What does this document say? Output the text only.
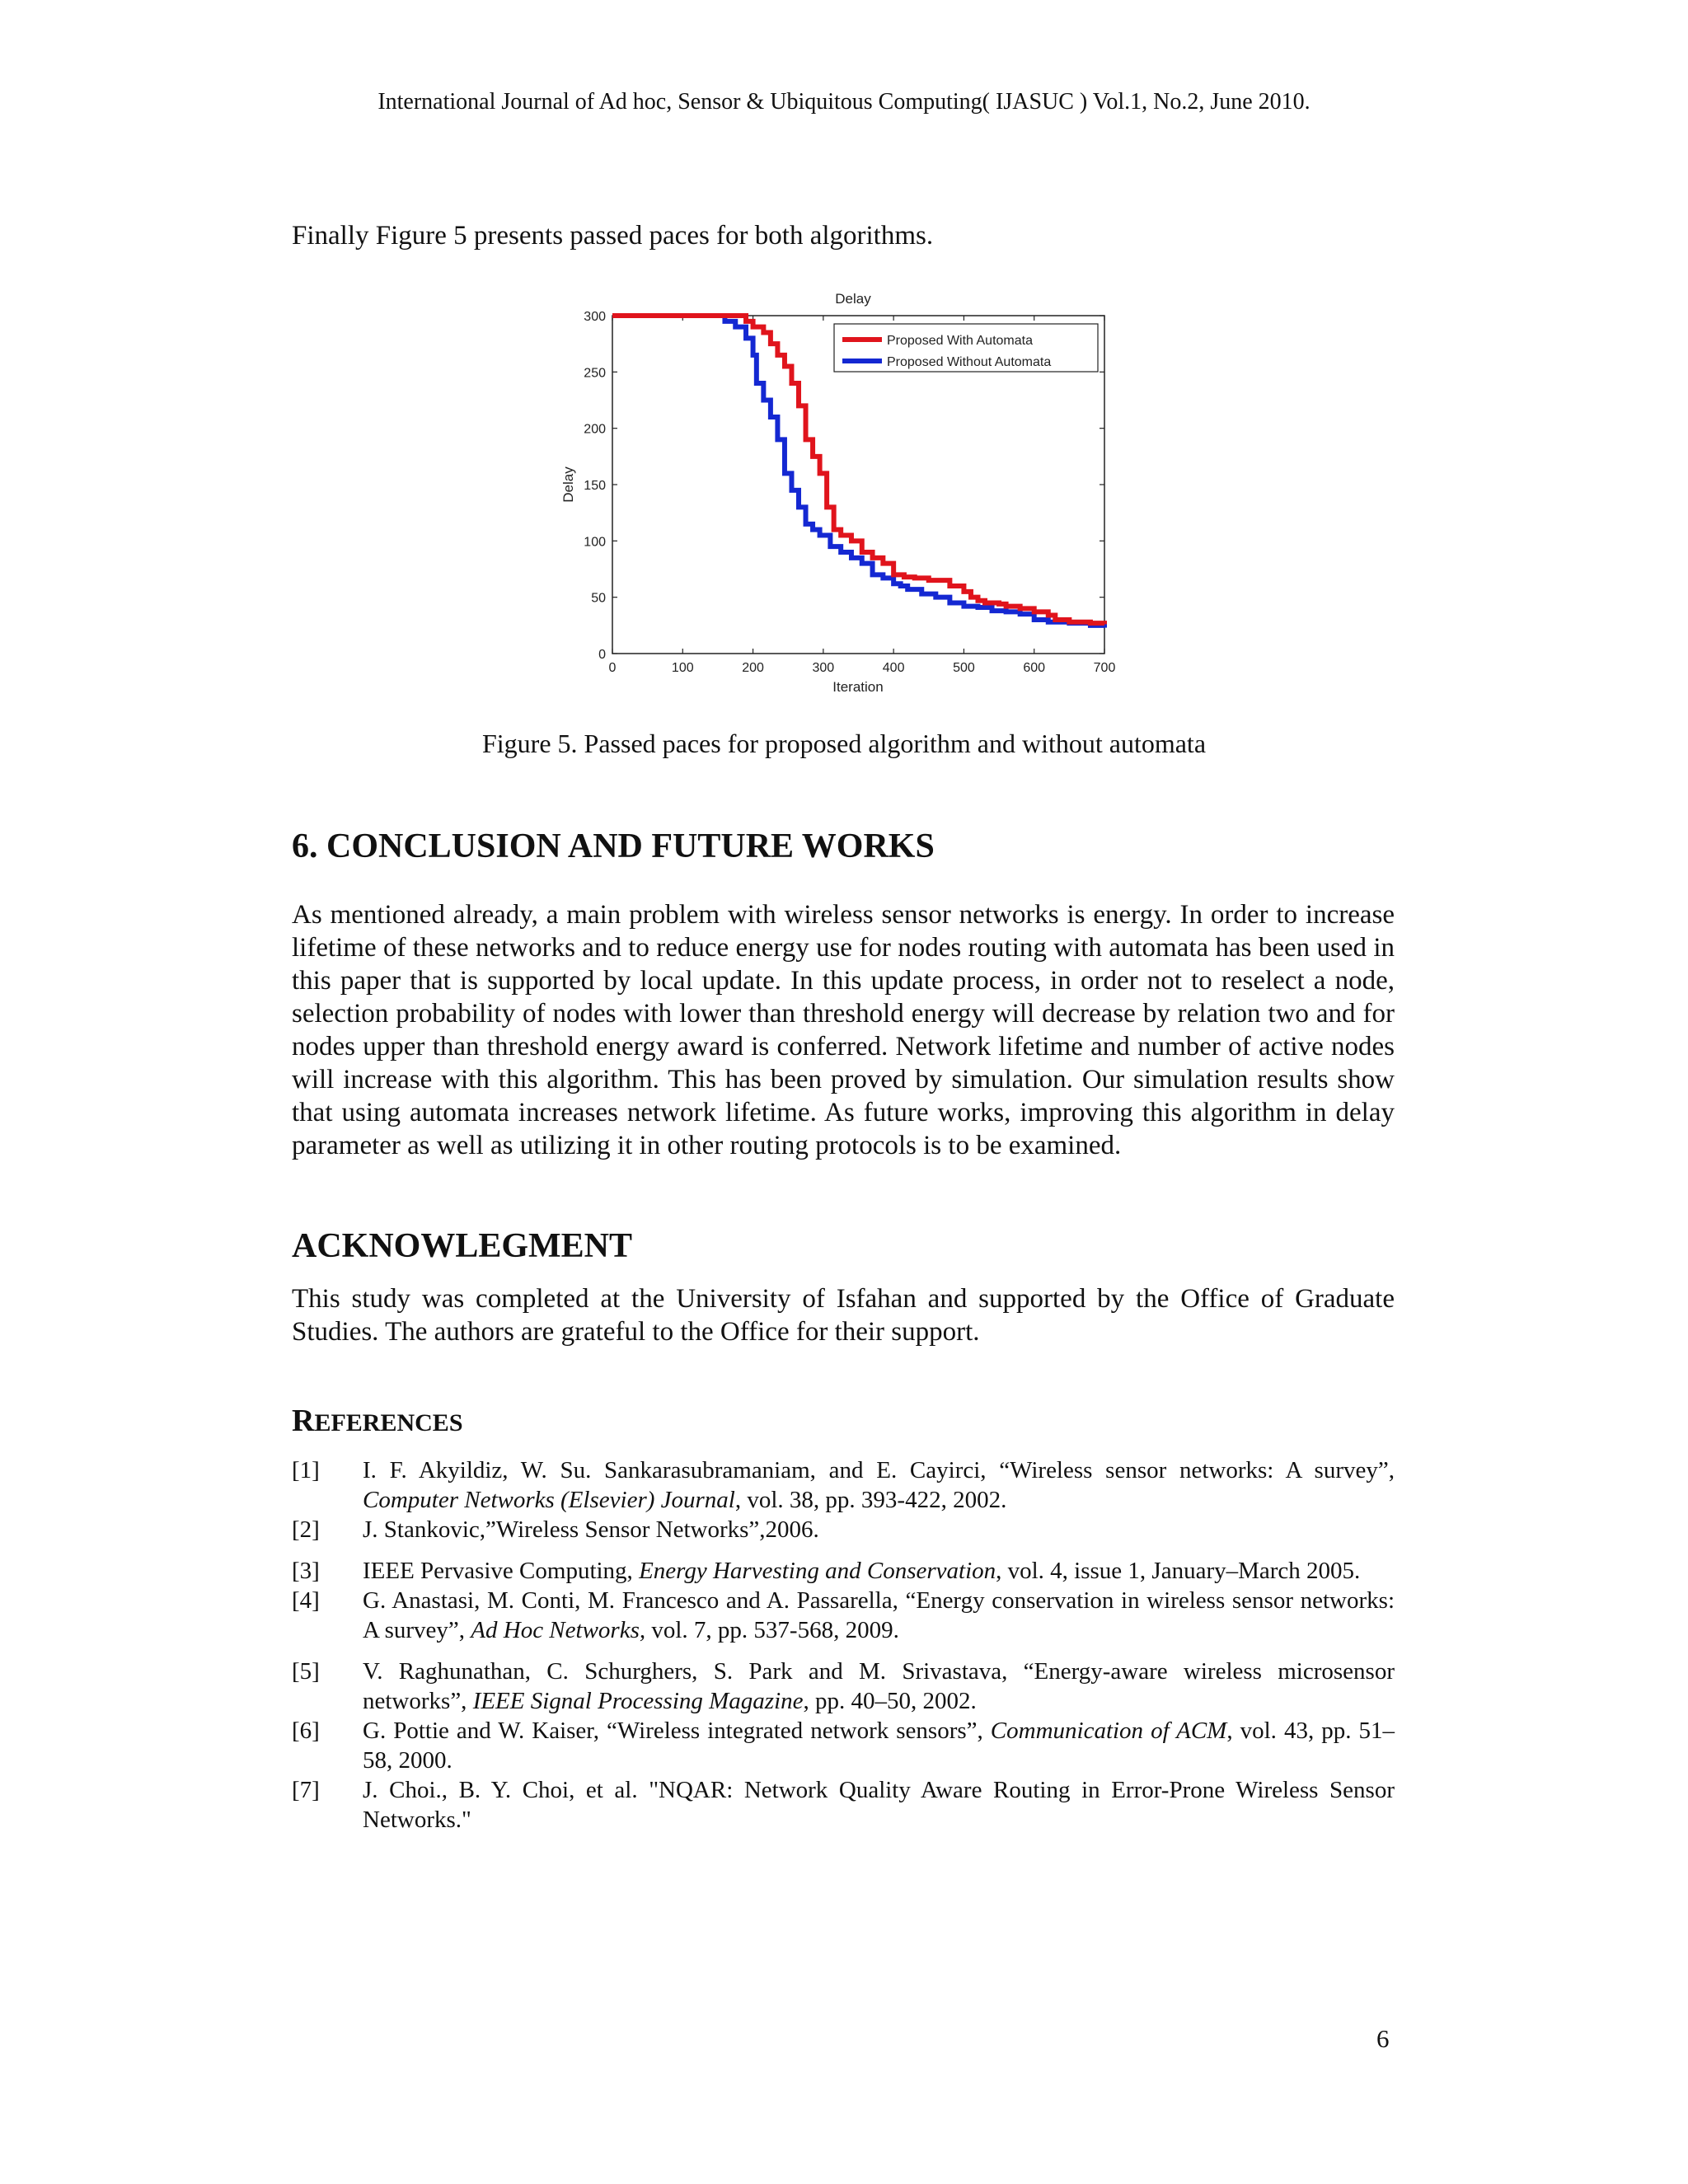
International Journal of Ad hoc, Sensor & Ubiquitous Computing( IJASUC ) Vol.1, No.2, June 2010.
Finally Figure 5 presents passed paces for both algorithms.
Delay
0	100	200	300	400	500	600	700
0
50
100
150
200
250
300
Proposed With Automata
Proposed Without Automata
Iteration
Delay
Figure 5. Passed paces for proposed algorithm and without automata
6. CONCLUSION AND FUTURE WORKS

As mentioned already, a main problem with wireless sensor networks is energy. In order to increase lifetime of these networks and to reduce energy use for nodes routing with automata has been used in this paper that is supported by local update. In this update process, in order not to reselect a node, selection probability of nodes with lower than threshold energy will decrease by relation two and for nodes upper than threshold energy award is conferred. Network lifetime and number of active nodes will increase with this algorithm. This has been proved by simulation. Our simulation results show that using automata increases network lifetime. As future works, improving this algorithm in delay parameter as well as utilizing it in other routing protocols is to be examined.

ACKNOWLEGMENT

This study was completed at the University of Isfahan and supported by the Office of Graduate Studies. The authors are grateful to the Office for their support.

REFERENCES
[1] I. F. Akyildiz, W. Su. Sankarasubramaniam, and E. Cayirci, “Wireless sensor networks: A survey”, Computer Networks (Elsevier) Journal, vol. 38, pp. 393-422, 2002.
[2] J. Stankovic,”Wireless Sensor Networks”,2006.
[3] IEEE Pervasive Computing, Energy Harvesting and Conservation, vol. 4, issue 1, January–March 2005.
[4] G. Anastasi, M. Conti, M. Francesco and A. Passarella, “Energy conservation in wireless sensor networks: A survey”, Ad Hoc Networks, vol. 7, pp. 537-568, 2009.
[5] V. Raghunathan, C. Schurghers, S. Park and M. Srivastava, “Energy-aware wireless microsensor networks”, IEEE Signal Processing Magazine, pp. 40–50, 2002.
[6] G. Pottie and W. Kaiser, “Wireless integrated network sensors”, Communication of ACM, vol. 43, pp. 51–58, 2000.
[7] J. Choi., B. Y. Choi, et al. "NQAR: Network Quality Aware Routing in Error-Prone Wireless Sensor Networks."
6
